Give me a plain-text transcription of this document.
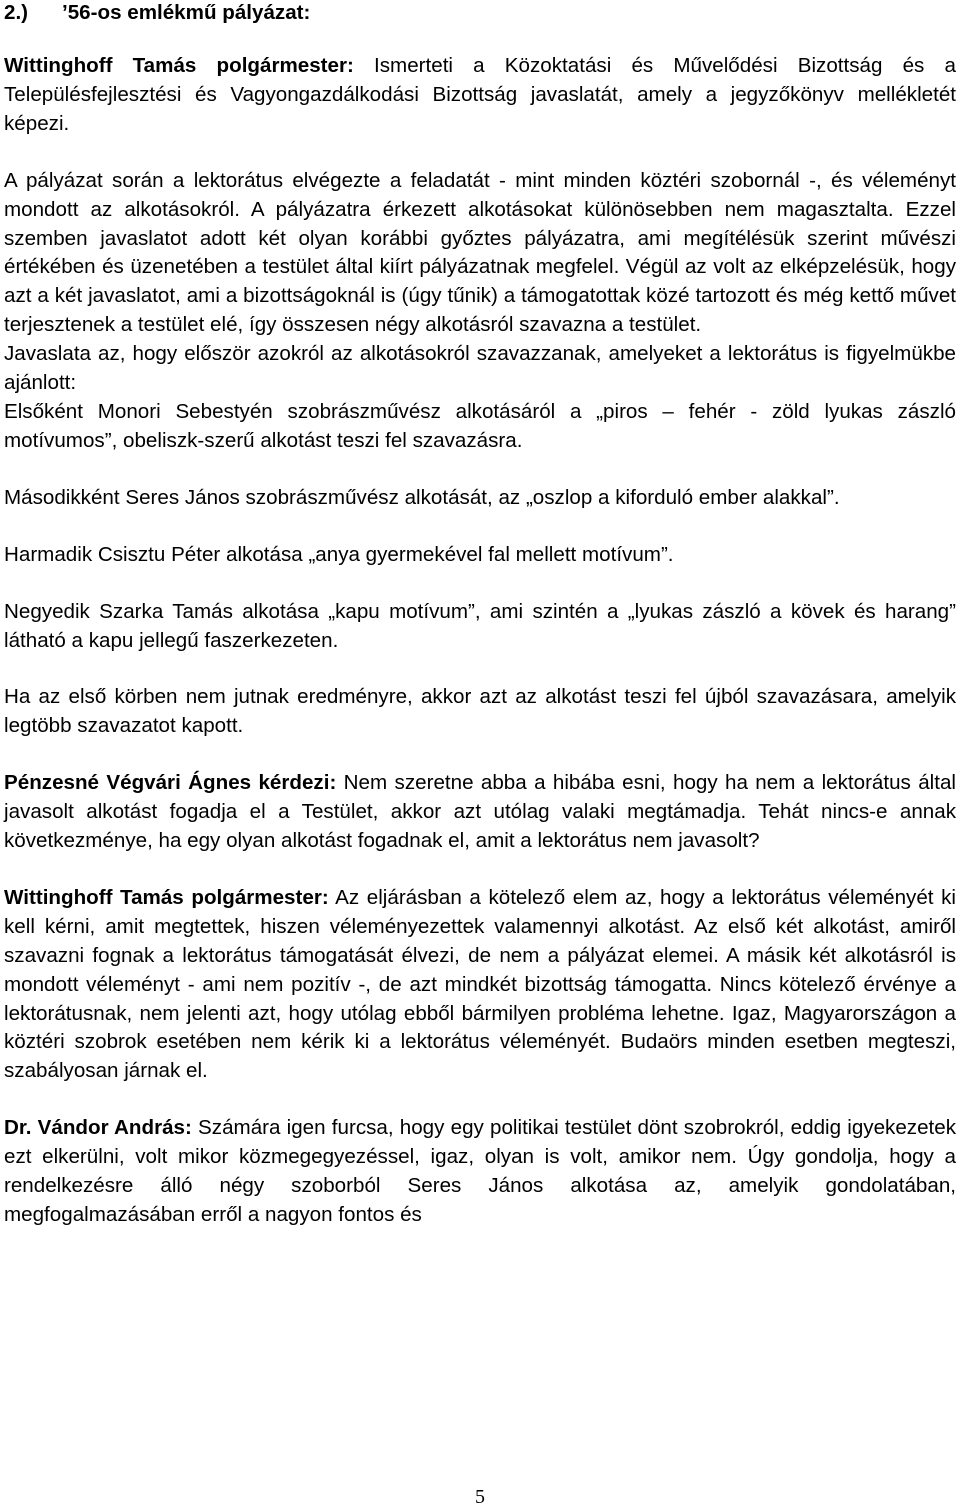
2.) ’56-os emlékmű pályázat:

Wittinghoff Tamás polgármester: Ismerteti a Közoktatási és Művelődési Bizottság és a Településfejlesztési és Vagyongazdálkodási Bizottság javaslatát, amely a jegyzőkönyv mellékletét képezi.

A pályázat során a lektorátus elvégezte a feladatát - mint minden köztéri szobornál -, és véleményt mondott az alkotásokról. A pályázatra érkezett alkotásokat különösebben nem magasztalta. Ezzel szemben javaslatot adott két olyan korábbi győztes pályázatra, ami megítélésük szerint művészi értékében és üzenetében a testület által kiírt pályázatnak megfelel. Végül az volt az elképzelésük, hogy azt a két javaslatot, ami a bizottságoknál is (úgy tűnik) a támogatottak közé tartozott és még kettő művet terjesztenek a testület elé, így összesen négy alkotásról szavazna a testület.

Javaslata az, hogy először azokról az alkotásokról szavazzanak, amelyeket a lektorátus is figyelmükbe ajánlott:

Elsőként Monori Sebestyén szobrászművész alkotásáról a „piros – fehér - zöld lyukas zászló motívumos”, obeliszk-szerű alkotást teszi fel szavazásra.

Másodikként Seres János szobrászművész alkotását, az „oszlop a kiforduló ember alakkal”.

Harmadik Csisztu Péter alkotása „anya gyermekével fal mellett motívum”.

Negyedik Szarka Tamás alkotása „kapu motívum”, ami szintén a „lyukas zászló a kövek és harang” látható a kapu jellegű faszerkezeten.

Ha az első körben nem jutnak eredményre, akkor azt az alkotást teszi fel újból szavazásara, amelyik legtöbb szavazatot kapott.

Pénzesné Végvári Ágnes kérdezi: Nem szeretne abba a hibába esni, hogy ha nem a lektorátus által javasolt alkotást fogadja el a Testület, akkor azt utólag valaki megtámadja. Tehát nincs-e annak következménye, ha egy olyan alkotást fogadnak el, amit a lektorátus nem javasolt?

Wittinghoff Tamás polgármester: Az eljárásban a kötelező elem az, hogy a lektorátus véleményét ki kell kérni, amit megtettek, hiszen véleményezettek valamennyi alkotást. Az első két alkotást, amiről szavazni fognak a lektorátus támogatását élvezi, de nem a pályázat elemei. A másik két alkotásról is mondott véleményt - ami nem pozitív -, de azt mindkét bizottság támogatta. Nincs kötelező érvénye a lektorátusnak, nem jelenti azt, hogy utólag ebből bármilyen probléma lehetne. Igaz, Magyarországon a köztéri szobrok esetében nem kérik ki a lektorátus véleményét. Budaörs minden esetben megteszi, szabályosan járnak el.

Dr. Vándor András: Számára igen furcsa, hogy egy politikai testület dönt szobrokról, eddig igyekezetek ezt elkerülni, volt mikor közmegegyezéssel, igaz, olyan is volt, amikor nem. Úgy gondolja, hogy a rendelkezésre álló négy szoborból Seres János alkotása az, amelyik gondolatában, megfogalmazásában erről a nagyon fontos és

5
